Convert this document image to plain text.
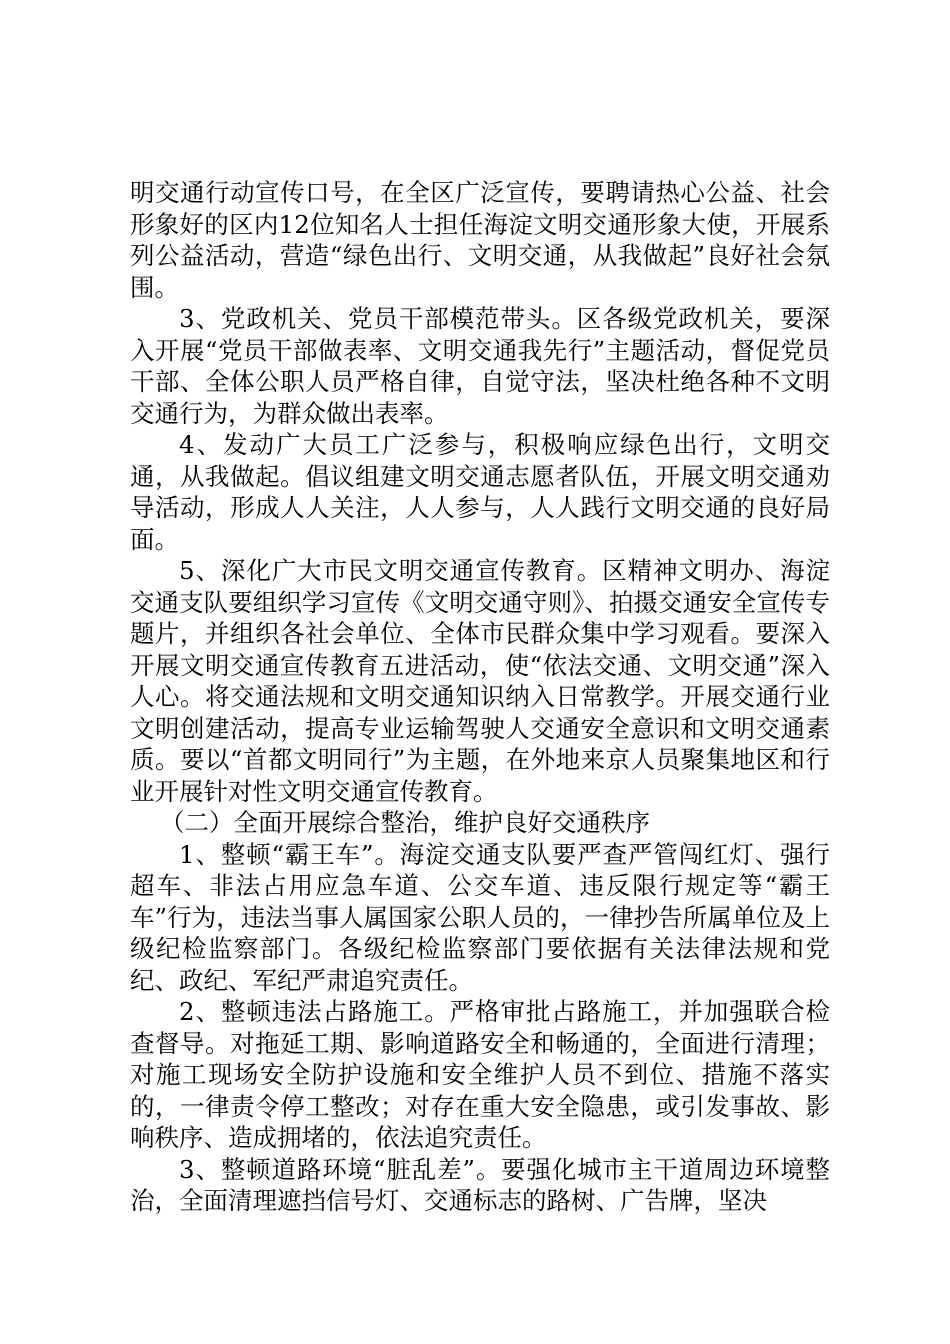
明交通行动宣传口号，在全区广泛宣传，要聘请热心公益、社会形象好的区内12位知名人士担任海淀文明交通形象大使，开展系列公益活动，营造“绿色出行、文明交通，从我做起”良好社会氛围。

3、党政机关、党员干部模范带头。区各级党政机关，要深入开展“党员干部做表率、文明交通我先行”主题活动，督促党员干部、全体公职人员严格自律，自觉守法，坚决杜绝各种不文明交通行为，为群众做出表率。

4、发动广大员工广泛参与，积极响应绿色出行，文明交通，从我做起。倡议组建文明交通志愿者队伍，开展文明交通劝导活动，形成人人关注，人人参与，人人践行文明交通的良好局面。

5、深化广大市民文明交通宣传教育。区精神文明办、海淀交通支队要组织学习宣传《文明交通守则》、拍摄交通安全宣传专题片，并组织各社会单位、全体市民群众集中学习观看。要深入开展文明交通宣传教育五进活动，使“依法交通、文明交通”深入人心。将交通法规和文明交通知识纳入日常教学。开展交通行业文明创建活动，提高专业运输驾驶人交通安全意识和文明交通素质。要以“首都文明同行”为主题，在外地来京人员聚集地区和行业开展针对性文明交通宣传教育。

（二）全面开展综合整治，维护良好交通秩序

1、整顿“霸王车”。海淀交通支队要严查严管闯红灯、强行超车、非法占用应急车道、公交车道、违反限行规定等“霸王车”行为，违法当事人属国家公职人员的，一律抄告所属单位及上级纪检监察部门。各级纪检监察部门要依据有关法律法规和党纪、政纪、军纪严肃追究责任。

2、整顿违法占路施工。严格审批占路施工，并加强联合检查督导。对拖延工期、影响道路安全和畅通的，全面进行清理；对施工现场安全防护设施和安全维护人员不到位、措施不落实的，一律责令停工整改；对存在重大安全隐患，或引发事故、影响秩序、造成拥堵的，依法追究责任。

3、整顿道路环境“脏乱差”。要强化城市主干道周边环境整治，全面清理遮挡信号灯、交通标志的路树、广告牌，坚决
